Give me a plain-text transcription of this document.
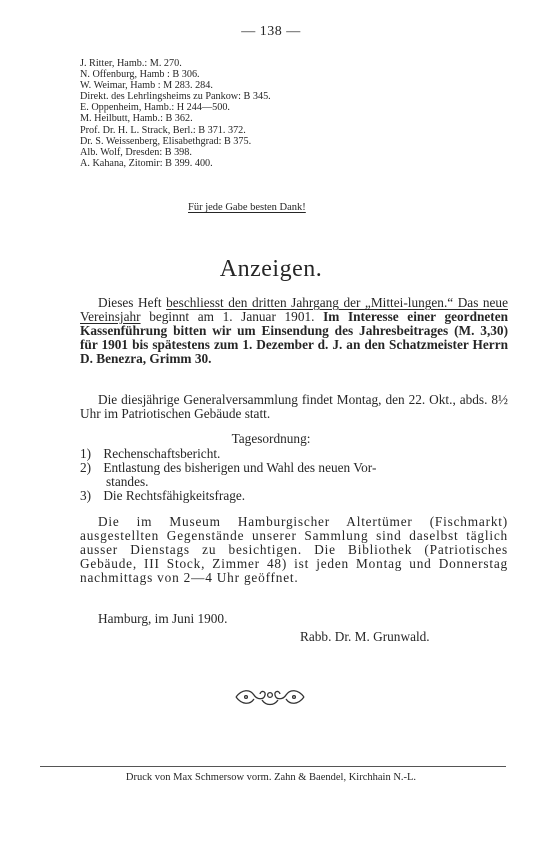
— 138 —
J. Ritter, Hamb.: M. 270.
N. Offenburg, Hamb : B 306.
W. Weimar, Hamb : M 283. 284.
Direkt. des Lehrlingsheims zu Pankow: B 345.
E. Oppenheim, Hamb.: H 244—500.
M. Heilbutt, Hamb.: B 362.
Prof. Dr. H. L. Strack, Berl.: B 371. 372.
Dr. S. Weissenberg, Elisabethgrad: B 375.
Alb. Wolf, Dresden: B 398.
A. Kahana, Zitomir: B 399. 400.
Für jede Gabe besten Dank!
Anzeigen.
Dieses Heft beschliesst den dritten Jahrgang der „Mittei-lungen.“ Das neue Vereinsjahr beginnt am 1. Januar 1901. Im Interesse einer geordneten Kassenführung bitten wir um Einsendung des Jahresbeitrages (M. 3,30) für 1901 bis spätestens zum 1. Dezember d. J. an den Schatzmeister Herrn D. Benezra, Grimm 30.
Die diesjährige Generalversammlung findet Montag, den 22. Okt., abds. 8½ Uhr im Patriotischen Gebäude statt.
Tagesordnung:
1) Rechenschaftsbericht.
2) Entlastung des bisherigen und Wahl des neuen Vor-
standes.
3) Die Rechtsfähigkeitsfrage.
Die im Museum Hamburgischer Altertümer (Fischmarkt) ausgestellten Gegenstände unserer Sammlung sind daselbst täglich ausser Dienstags zu besichtigen. Die Bibliothek (Patriotisches Gebäude, III Stock, Zimmer 48) ist jeden Montag und Donnerstag nachmittags von 2—4 Uhr geöffnet.
Hamburg, im Juni 1900.
Rabb. Dr. M. Grunwald.
Druck von Max Schmersow vorm. Zahn & Baendel, Kirchhain N.-L.
